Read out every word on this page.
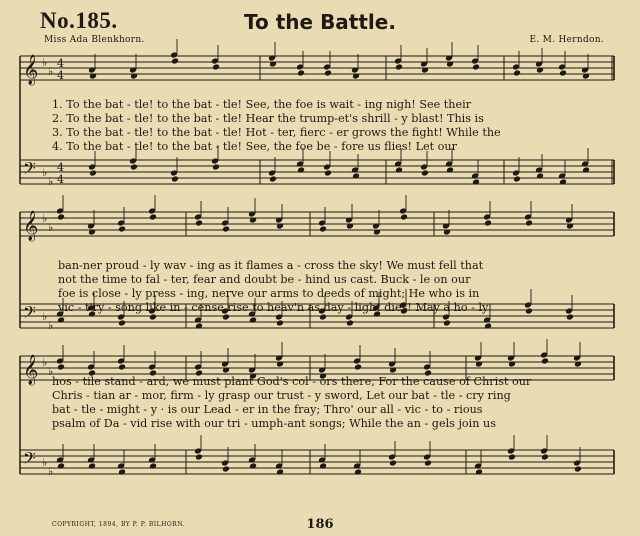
𝄞
𝄢
♭
♭
♭
♭
4
4
4
4
𝄞
𝄢
♭
♭
♭
♭
𝄞
𝄢
♭
♭
♭
♭
No.185.	To the Battle.
Miss Ada Blenkhorn.	E. M. Herndon.
1. To the bat - tle! to the bat - tle! See, the foe is wait - ing nigh! See their
2. To the bat - tle! to the bat - tle! Hear the trump-et's shrill - y blast! This is
3. To the bat - tle! to the bat - tle! Hot - ter, fierc - er grows the fight! While the
4. To the bat - tle! to the bat - tle! See, the foe be - fore us flies! Let our
ban-ner proud - ly wav - ing as it flames a - cross the sky! We must fell that
not the time to fal - ter, fear and doubt be - hind us cast. Buck - le on our
foe is close - ly press - ing, nerve our arms to deeds of might; He who is in
vic - t'ry - song like in - cense rise to heav'n as day - light dies! May a ho - ly
hos - tile stand - ard, we must plant God's col - ors there, For the cause of Christ our
Chris - tian ar - mor, firm - ly grasp our trust - y sword, Let our bat - tle - cry ring
bat - tle - might - y · is our Lead - er in the fray; Thro' our all - vic - to - rious
psalm of Da - vid rise with our tri - umph-ant songs; While the an - gels join us
COPYRIGHT, 1894, BY P. P. BILHORN.	186
